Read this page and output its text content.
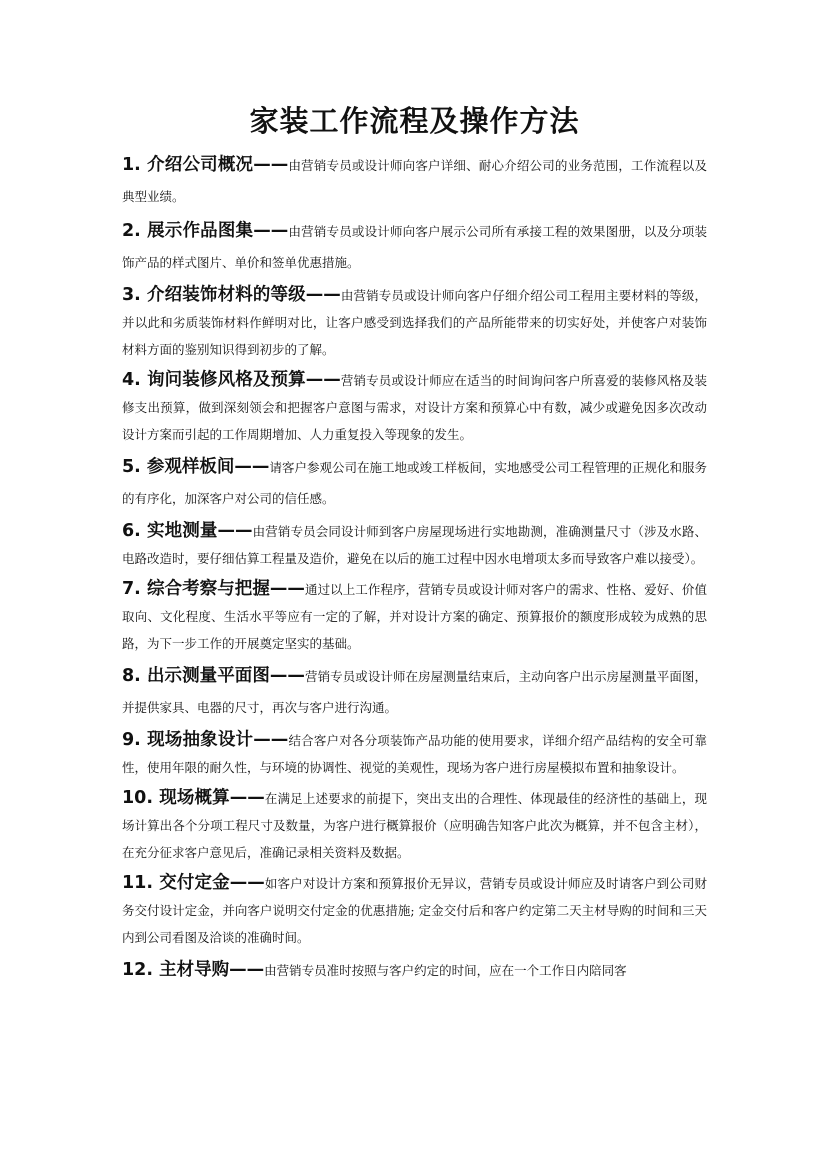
家装工作流程及操作方法

1. 介绍公司概况——由营销专员或设计师向客户详细、耐心介绍公司的业务范围，工作流程以及典型业绩。

2. 展示作品图集——由营销专员或设计师向客户展示公司所有承接工程的效果图册，以及分项装饰产品的样式图片、单价和签单优惠措施。

3. 介绍装饰材料的等级——由营销专员或设计师向客户仔细介绍公司工程用主要材料的等级，并以此和劣质装饰材料作鲜明对比，让客户感受到选择我们的产品所能带来的切实好处，并使客户对装饰材料方面的鉴别知识得到初步的了解。

4. 询问装修风格及预算——营销专员或设计师应在适当的时间询问客户所喜爱的装修风格及装修支出预算，做到深刻领会和把握客户意图与需求，对设计方案和预算心中有数，减少或避免因多次改动设计方案而引起的工作周期增加、人力重复投入等现象的发生。

5. 参观样板间——请客户参观公司在施工地或竣工样板间，实地感受公司工程管理的正规化和服务的有序化，加深客户对公司的信任感。

6. 实地测量——由营销专员会同设计师到客户房屋现场进行实地勘测，准确测量尺寸（涉及水路、电路改造时，要仔细估算工程量及造价，避免在以后的施工过程中因水电增项太多而导致客户难以接受）。

7. 综合考察与把握——通过以上工作程序，营销专员或设计师对客户的需求、性格、爱好、价值取向、文化程度、生活水平等应有一定的了解，并对设计方案的确定、预算报价的额度形成较为成熟的思路，为下一步工作的开展奠定坚实的基础。

8. 出示测量平面图——营销专员或设计师在房屋测量结束后，主动向客户出示房屋测量平面图，并提供家具、电器的尺寸，再次与客户进行沟通。

9. 现场抽象设计——结合客户对各分项装饰产品功能的使用要求，详细介绍产品结构的安全可靠性，使用年限的耐久性，与环境的协调性、视觉的美观性，现场为客户进行房屋模拟布置和抽象设计。

10. 现场概算——在满足上述要求的前提下，突出支出的合理性、体现最佳的经济性的基础上，现场计算出各个分项工程尺寸及数量，为客户进行概算报价（应明确告知客户此次为概算，并不包含主材），在充分征求客户意见后，准确记录相关资料及数据。

11. 交付定金——如客户对设计方案和预算报价无异议，营销专员或设计师应及时请客户到公司财务交付设计定金，并向客户说明交付定金的优惠措施; 定金交付后和客户约定第二天主材导购的时间和三天内到公司看图及洽谈的准确时间。

12. 主材导购——由营销专员准时按照与客户约定的时间，应在一个工作日内陪同客
